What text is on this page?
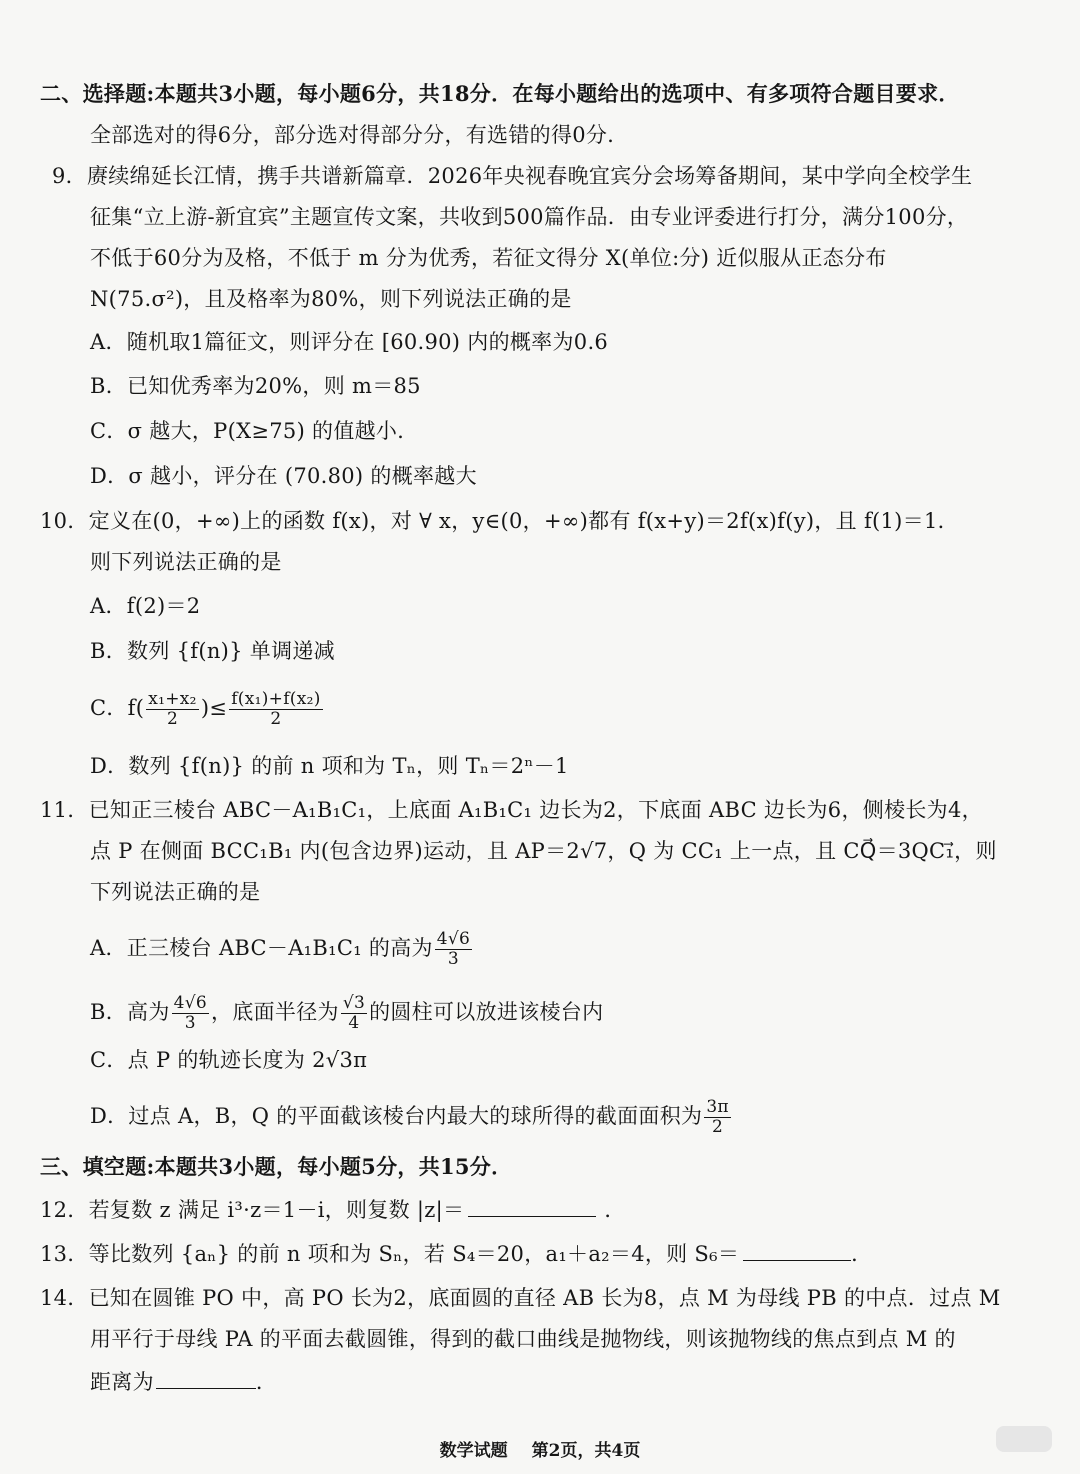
二、选择题:本题共3小题，每小题6分，共18分．在每小题给出的选项中、有多项符合题目要求．
全部选对的得6分，部分选对得部分分，有选错的得0分．
9．赓续绵延长江情，携手共谱新篇章．2026年央视春晚宜宾分会场筹备期间，某中学向全校学生
征集“立上游-新宜宾”主题宣传文案，共收到500篇作品．由专业评委进行打分，满分100分，
不低于60分为及格，不低于 m 分为优秀，若征文得分 X(单位:分) 近似服从正态分布
N(75.σ²)，且及格率为80%，则下列说法正确的是
A．随机取1篇征文，则评分在 [60.90) 内的概率为0.6
B．已知优秀率为20%，则 m＝85
C．σ 越大，P(X≥75) 的值越小．
D．σ 越小，评分在 (70.80) 的概率越大
10．定义在(0，+∞)上的函数 f(x)，对 ∀ x，y∈(0，+∞)都有 f(x+y)＝2f(x)f(y)，且 f(1)＝1．
则下列说法正确的是
A．f(2)＝2
B．数列 {f(n)} 单调递减
C．$f( \frac{\text{x₁+x₂}}{2}$ )≤ $\frac{\text{f(x₁)+f(x₂)}}{2}$
D．数列 {f(n)} 的前 n 项和为 Tₙ，则 Tₙ＝2ⁿ－1
11．已知正三棱台 ABC－A₁B₁C₁，上底面 A₁B₁C₁ 边长为2，下底面 ABC 边长为6，侧棱长为4，
点 P 在侧面 BCC₁B₁ 内(包含边界)运动，且 AP＝2√7，Q 为 CC₁ 上一点，且 CQ⃗＝3QC₁⃗，则
下列说法正确的是
A．正三棱台 ABC－A₁B₁C₁ 的高为 $\frac{4√6}{3}$
B．高为 $\frac{4√6}{3}$ ，底面半径为 $\frac{√3}{4}$ 的圆柱可以放进该棱台内
C．点 P 的轨迹长度为 2√3π
D．过点 A，B，Q 的平面截该棱台内最大的球所得的截面面积为 $\frac{3\pi}{2}$
三、填空题:本题共3小题，每小题5分，共15分．
12．若复数 z 满足 i³·z＝1－i，则复数 |z|＝	．
13．等比数列 {aₙ} 的前 n 项和为 Sₙ，若 S₄＝20，a₁＋a₂＝4，则 S₆＝	．
14．已知在圆锥 PO 中，高 PO 长为2，底面圆的直径 AB 长为8，点 M 为母线 PB 的中点．过点 M
用平行于母线 PA 的平面去截圆锥，得到的截口曲线是抛物线，则该抛物线的焦点到点 M 的
距离为	．
数学试题 第2页，共4页
